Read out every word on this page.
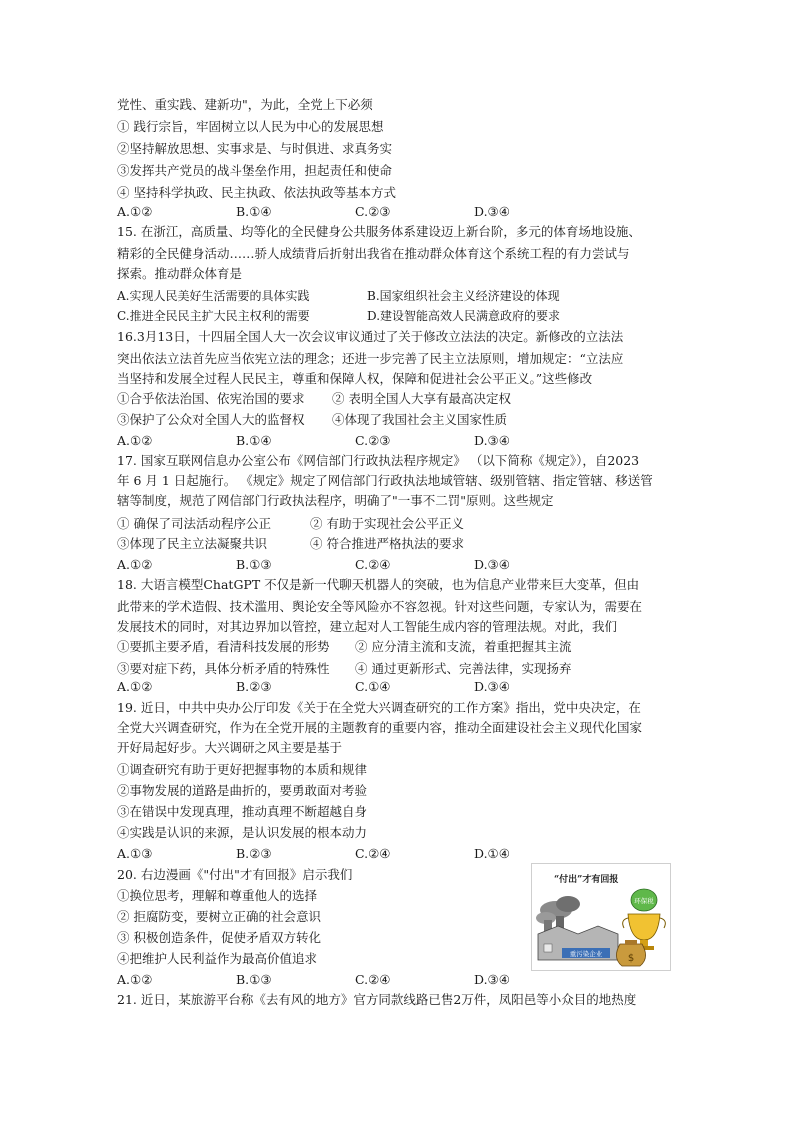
党性、重实践、建新功"，为此，全党上下必须
① 践行宗旨，牢固树立以人民为中心的发展思想
②坚持解放思想、实事求是、与时俱进、求真务实
③发挥共产党员的战斗堡垒作用，担起责任和使命
④ 坚持科学执政、民主执政、依法执政等基本方式
A.①②	B.①④	C.②③	D.③④
15. 在浙江，高质量、均等化的全民健身公共服务体系建设迈上新台阶，多元的体育场地设施、
精彩的全民健身活动……骄人成绩背后折射出我省在推动群众体育这个系统工程的有力尝试与
探索。推动群众体育是
A.实现人民美好生活需要的具体实践	B.国家组织社会主义经济建设的体现
C.推进全民民主扩大民主权利的需要	D.建设智能高效人民满意政府的要求
16.3月13日，十四届全国人大一次会议审议通过了关于修改立法法的决定。新修改的立法法
突出依法立法首先应当依宪立法的理念；还进一步完善了民主立法原则，增加规定：“立法应
当坚持和发展全过程人民民主，尊重和保障人权，保障和促进社会公平正义。”这些修改
①合乎依法治国、依宪治国的要求 ② 表明全国人大享有最高决定权
③保护了公众对全国人大的监督权 ④体现了我国社会主义国家性质
A.①②	B.①④	C.②③	D.③④
17. 国家互联网信息办公室公布《网信部门行政执法程序规定》 （以下简称《规定》），自2023
年 6 月 1 日起施行。 《规定》规定了网信部门行政执法地域管辖、级别管辖、指定管辖、移送管
辖等制度，规范了网信部门行政执法程序，明确了"一事不二罚"原则。这些规定
① 确保了司法活动程序公正	② 有助于实现社会公平正义
③体现了民主立法凝聚共识	④ 符合推进严格执法的要求
A.①②	B.①③	C.②④	D.③④
18. 大语言模型ChatGPT 不仅是新一代聊天机器人的突破，也为信息产业带来巨大变革，但由
此带来的学术造假、技术滥用、舆论安全等风险亦不容忽视。针对这些问题，专家认为，需要在
发展技术的同时，对其边界加以管控，建立起对人工智能生成内容的管理法规。对此，我们
①要抓主要矛盾，看清科技发展的形势 ② 应分清主流和支流，着重把握其主流
③要对症下药，具体分析矛盾的特殊性 ④ 通过更新形式、完善法律，实现扬弃
A.①②	B.②③	C.①④	D.③④
19. 近日，中共中央办公厅印发《关于在全党大兴调查研究的工作方案》指出，党中央决定，在
全党大兴调查研究，作为在全党开展的主题教育的重要内容，推动全面建设社会主义现代化国家
开好局起好步。大兴调研之风主要是基于
①调查研究有助于更好把握事物的本质和规律
②事物发展的道路是曲折的，要勇敢面对考验
③在错误中发现真理，推动真理不断超越自身
④实践是认识的来源，是认识发展的根本动力
A.①③	B.②③	C.②④	D.①④
20. 右边漫画《"付出"才有回报》启示我们
①换位思考，理解和尊重他人的选择
② 拒腐防变，要树立正确的社会意识
③ 积极创造条件，促使矛盾双方转化
④把维护人民利益作为最高价值追求
A.①②	B.①③	C.②④	D.③④
“付出”才有回报
重污染企业
环保税
$
21. 近日，某旅游平台称《去有风的地方》官方同款线路已售2万件，凤阳邑等小众目的地热度
